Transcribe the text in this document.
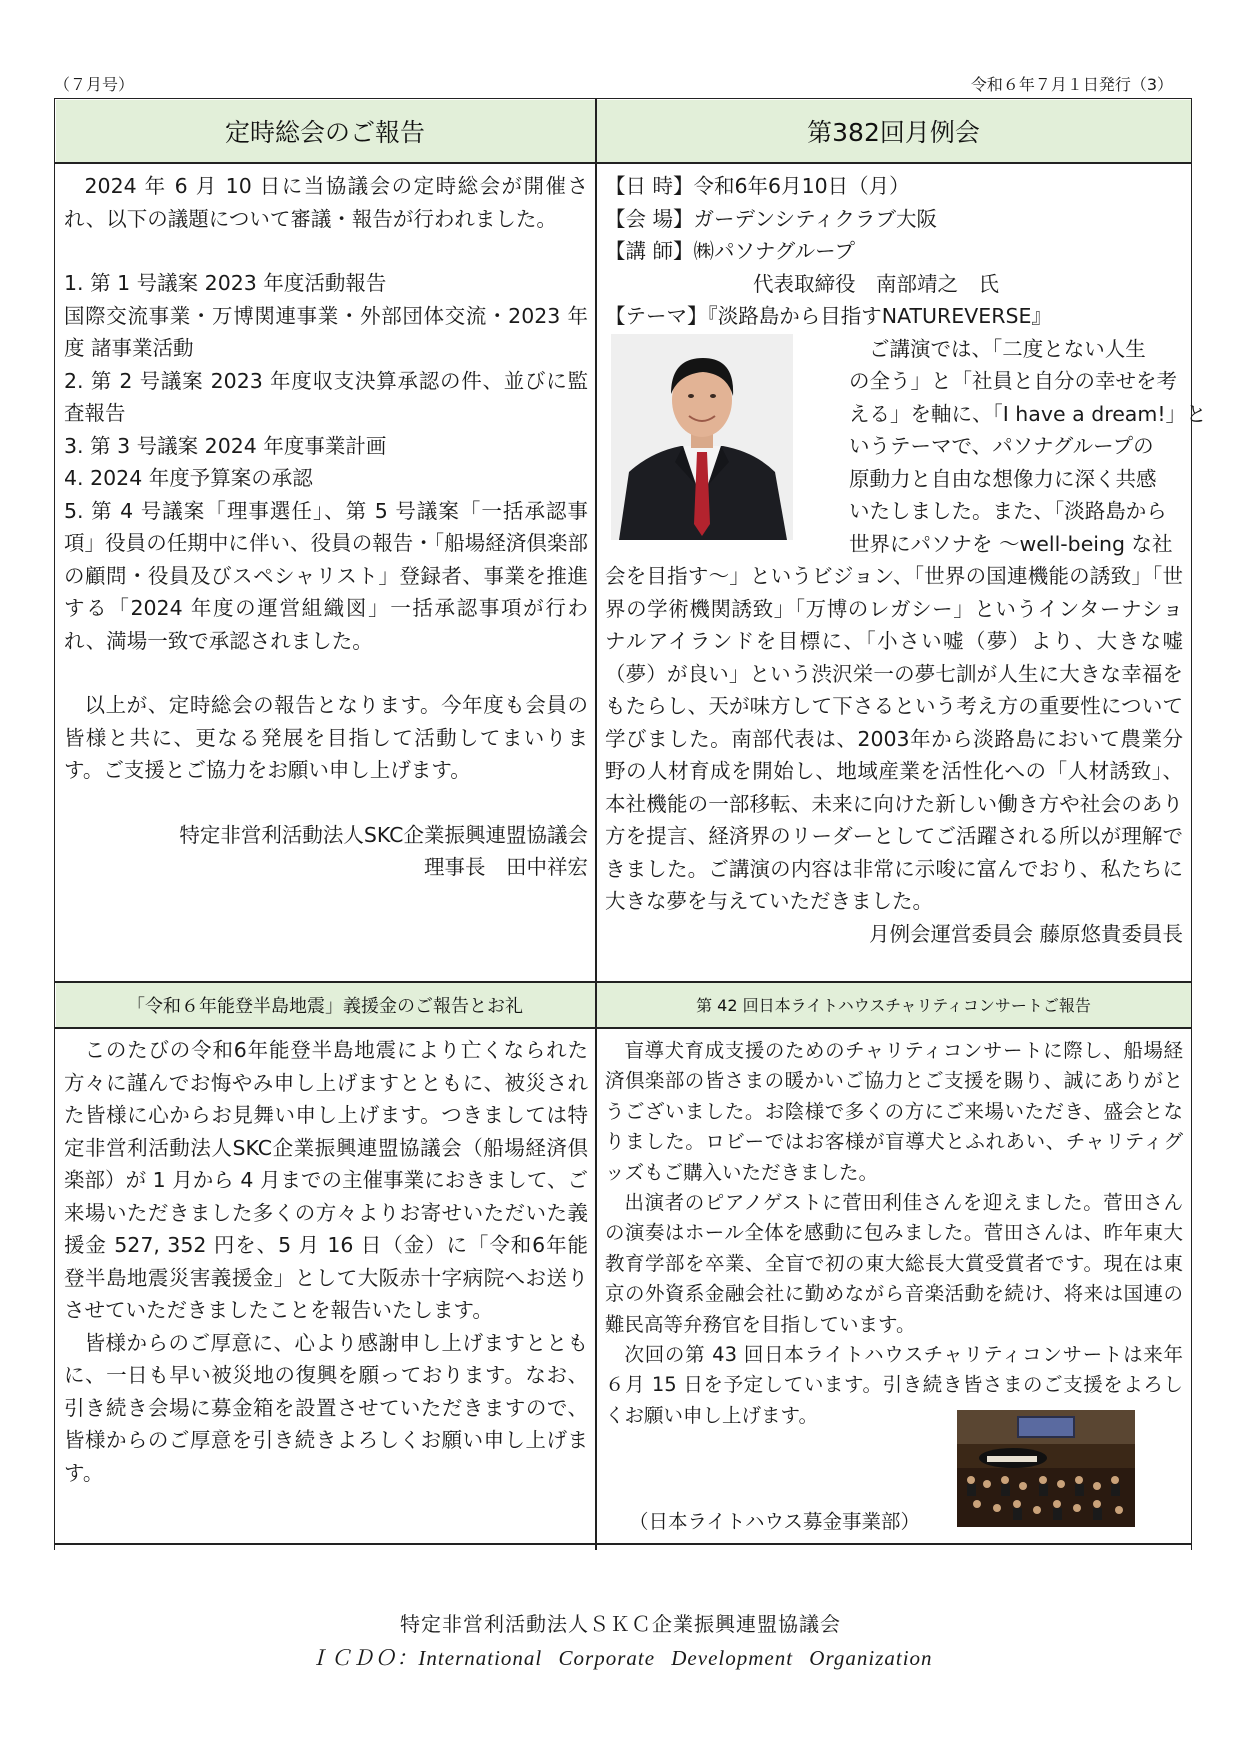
（７月号）	令和６年７月１日発行（3）
定時総会のご報告	第382回月例会
「令和６年能登半島地震」義援金のご報告とお礼	第 42 回日本ライトハウスチャリティコンサートご報告

2024 年 6 月 10 日に当協議会の定時総会が開催され、以下の議題について審議・報告が行われました。

1. 第 1 号議案 2023 年度活動報告

国際交流事業・万博関連事業・外部団体交流・2023 年度 諸事業活動

2. 第 2 号議案 2023 年度収支決算承認の件、並びに監査報告

3. 第 3 号議案 2024 年度事業計画

4. 2024 年度予算案の承認

5. 第 4 号議案「理事選任」、第 5 号議案「一括承認事項」役員の任期中に伴い、役員の報告・「船場経済倶楽部の顧問・役員及びスペシャリスト」登録者、事業を推進する「2024 年度の運営組織図」一括承認事項が行われ、満場一致で承認されました。

以上が、定時総会の報告となります。今年度も会員の皆様と共に、更なる発展を目指して活動してまいります。ご支援とご協力をお願い申し上げます。

特定非営利活動法人SKC企業振興連盟協議会

理事長　田中祥宏

【日 時】令和6年6月10日（月）

【会 場】ガーデンシティクラブ大阪

【講 師】㈱パソナグループ

代表取締役　南部靖之　氏

【テーマ】『淡路島から目指すNATUREVERSE』

ご講演では、「二度とない人生

の全う」と「社員と自分の幸せを考

える」を軸に、「I have a dream!」と

いうテーマで、パソナグループの

原動力と自由な想像力に深く共感

いたしました。また、「淡路島から

世界にパソナを ～well-being な社

会を目指す～」というビジョン、「世界の国連機能の誘致」「世界の学術機関誘致」「万博のレガシー」というインターナショナルアイランドを目標に、「小さい嘘（夢）より、大きな嘘（夢）が良い」という渋沢栄一の夢七訓が人生に大きな幸福をもたらし、天が味方して下さるという考え方の重要性について学びました。南部代表は、2003年から淡路島において農業分野の人材育成を開始し、地域産業を活性化への「人材誘致」、本社機能の一部移転、未来に向けた新しい働き方や社会のあり方を提言、経済界のリーダーとしてご活躍される所以が理解できました。ご講演の内容は非常に示唆に富んでおり、私たちに大きな夢を与えていただきました。

月例会運営委員会 藤原悠貴委員長

このたびの令和6年能登半島地震により亡くなられた方々に謹んでお悔やみ申し上げますとともに、被災された皆様に心からお見舞い申し上げます。つきましては特定非営利活動法人SKC企業振興連盟協議会（船場経済倶楽部）が 1 月から 4 月までの主催事業におきまして、ご来場いただきました多くの方々よりお寄せいただいた義援金 527, 352 円を、5 月 16 日（金）に「令和6年能登半島地震災害義援金」として大阪赤十字病院へお送りさせていただきましたことを報告いたします。

皆様からのご厚意に、心より感謝申し上げますとともに、一日も早い被災地の復興を願っております。なお、引き続き会場に募金箱を設置させていただきますので、皆様からのご厚意を引き続きよろしくお願い申し上げます。

盲導犬育成支援のためのチャリティコンサートに際し、船場経済倶楽部の皆さまの暖かいご協力とご支援を賜り、誠にありがとうございました。お陰様で多くの方にご来場いただき、盛会となりました。ロビーではお客様が盲導犬とふれあい、チャリティグッズもご購入いただきました。

出演者のピアノゲストに菅田利佳さんを迎えました。菅田さんの演奏はホール全体を感動に包みました。菅田さんは、昨年東大教育学部を卒業、全盲で初の東大総長大賞受賞者です。現在は東京の外資系金融会社に勤めながら音楽活動を続け、将来は国連の難民高等弁務官を目指しています。

次回の第 43 回日本ライトハウスチャリティコンサートは来年６月 15 日を予定しています。引き続き皆さまのご支援をよろしくお願い申し上げます。

（日本ライトハウス募金事業部）
特定非営利活動法人ＳＫＣ企業振興連盟協議会
ＩＣＤＯ：International Corporate Development Organization
